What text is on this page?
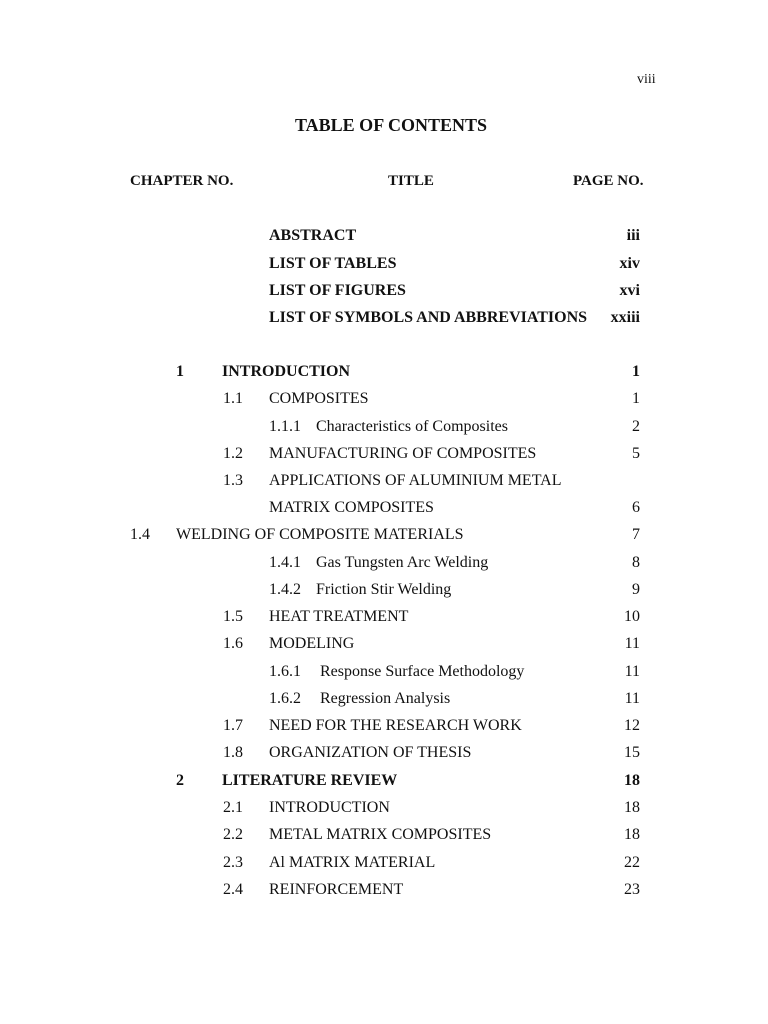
viii
TABLE OF CONTENTS
CHAPTER NO.	TITLE	PAGE NO.
ABSTRACT	iii
LIST OF TABLES	xiv
LIST OF FIGURES	xvi
LIST OF SYMBOLS AND ABBREVIATIONS xxiii
1 INTRODUCTION	1
1.1 COMPOSITES	1
1.1.1 Characteristics of Composites	2
1.2 MANUFACTURING OF COMPOSITES	5
1.3 APPLICATIONS OF ALUMINIUM METAL
MATRIX COMPOSITES	6
1.4 WELDING OF COMPOSITE MATERIALS	7
1.4.1 Gas Tungsten Arc Welding	8
1.4.2 Friction Stir Welding	9
1.5 HEAT TREATMENT	10
1.6 MODELING	11
1.6.1 Response Surface Methodology	11
1.6.2 Regression Analysis	11
1.7 NEED FOR THE RESEARCH WORK	12
1.8 ORGANIZATION OF THESIS	15
2 LITERATURE REVIEW	18
2.1 INTRODUCTION	18
2.2 METAL MATRIX COMPOSITES	18
2.3 Al MATRIX MATERIAL	22
2.4 REINFORCEMENT	23
